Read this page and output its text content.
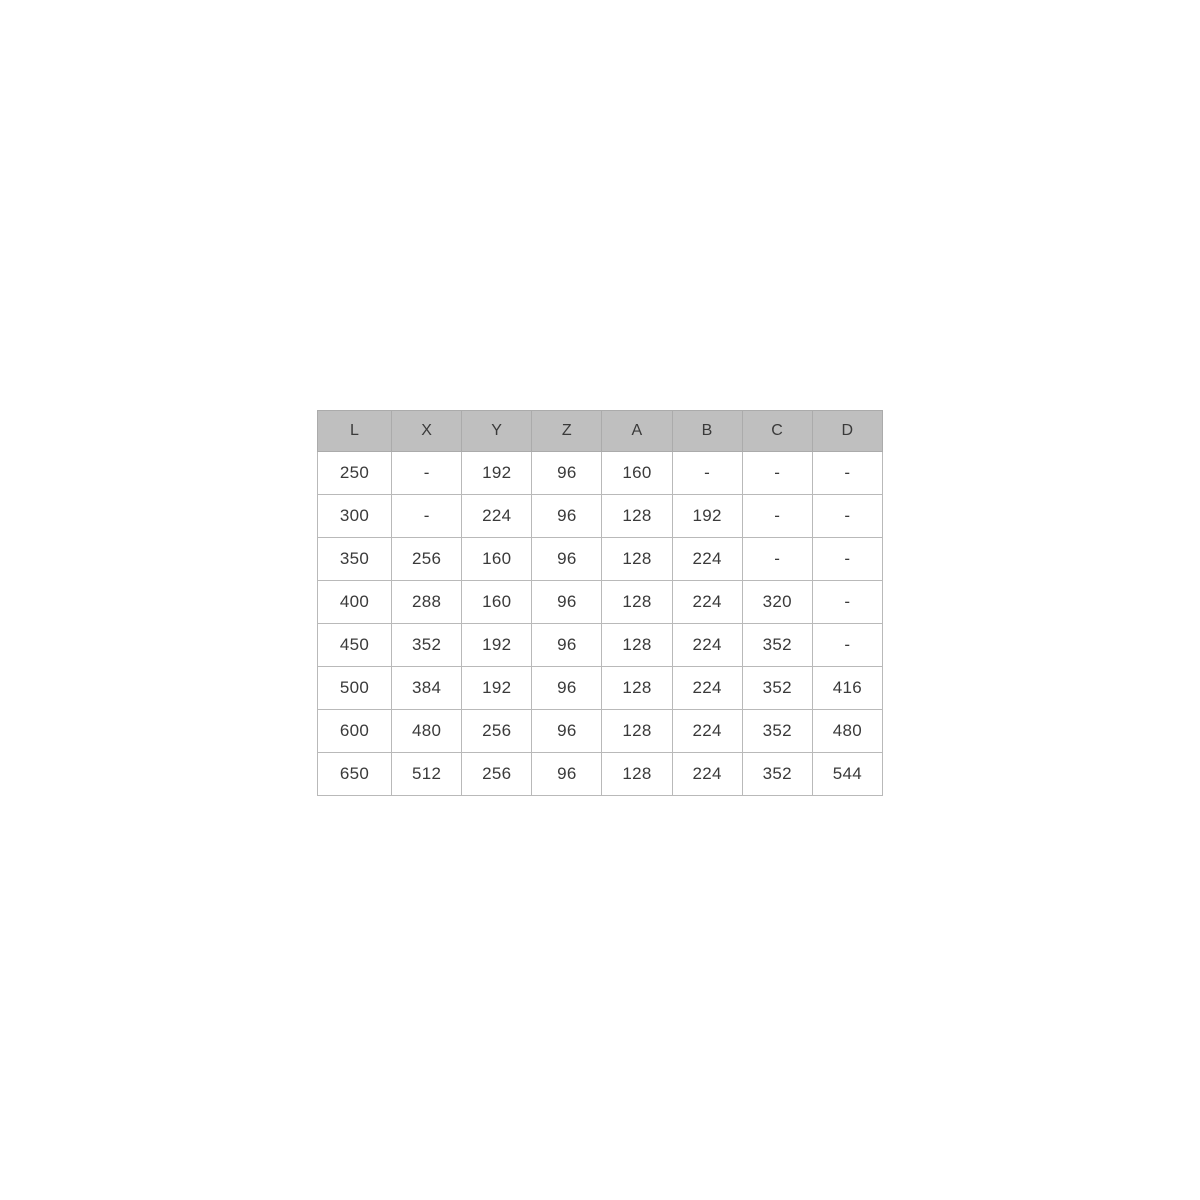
L	X	Y	Z	A	B	C	D
250	-	192	96	160	-	-	-
300	-	224	96	128	192	-	-
350	256	160	96	128	224	-	-
400	288	160	96	128	224	320	-
450	352	192	96	128	224	352	-
500	384	192	96	128	224	352	416
600	480	256	96	128	224	352	480
650	512	256	96	128	224	352	544
